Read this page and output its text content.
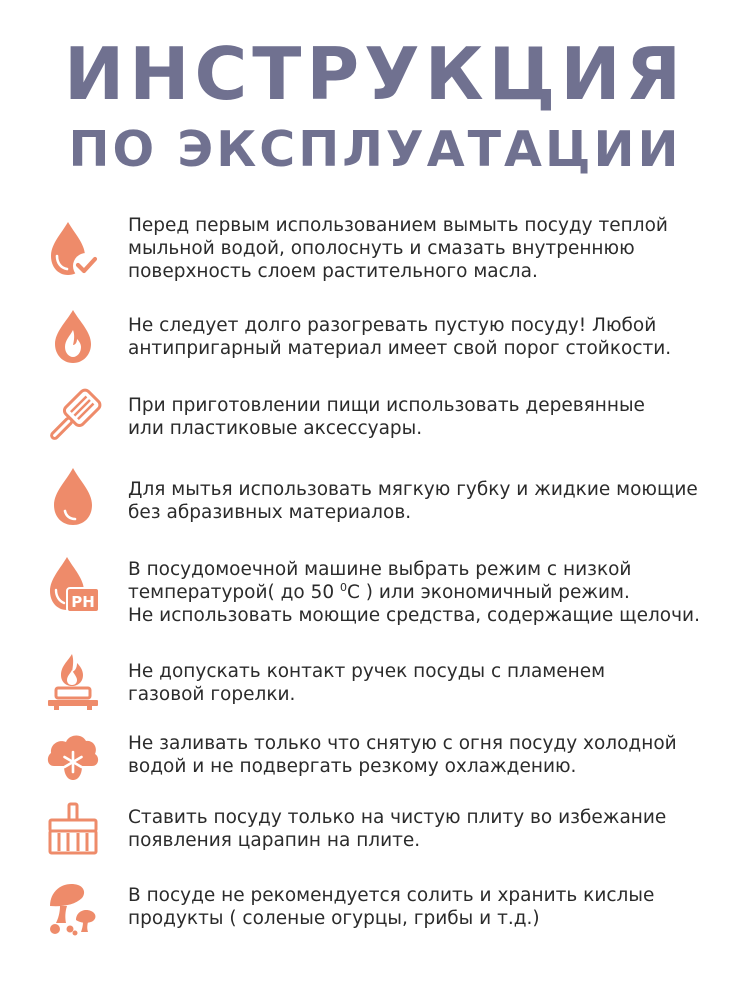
ИНСТРУКЦИЯ
ПО ЭКСПЛУАТАЦИИ
Перед первым использованием вымыть посуду теплой
мыльной водой, ополоснуть и смазать внутреннюю
поверхность слоем растительного масла.
Не следует долго разогревать пустую посуду! Любой
антипригарный материал имеет свой порог стойкости.
При приготовлении пищи использовать деревянные
или пластиковые аксессуары.
Для мытья использовать мягкую губку и жидкие моющие
без абразивных материалов.
PH
В посудомоечной машине выбрать режим с низкой
температурой( до 50 $^0$С ) или экономичный режим.
Не использовать моющие средства, содержащие щелочи.
Не допускать контакт ручек посуды с пламенем
газовой горелки.
Не заливать только что снятую с огня посуду холодной
водой и не подвергать резкому охлаждению.
Ставить посуду только на чистую плиту во избежание
появления царапин на плите.
В посуде не рекомендуется солить и хранить кислые
продукты ( соленые огурцы, грибы и т.д.)
